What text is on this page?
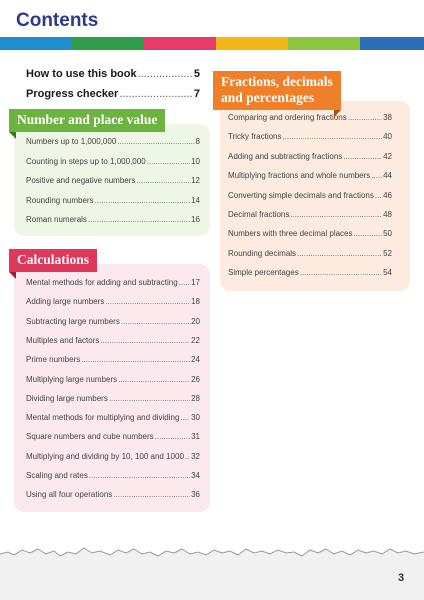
Contents
How to use this book .....	5
Progress checker .....	7
Number and place value
Calculations
Fractions, decimals
and percentages
Numbers up to 1,000,000 .....	8
Counting in steps up to 1,000,000 .....	10
Positive and negative numbers .....	12
Rounding numbers .....	14
Roman numerals .....	16
Mental methods for adding and subtracting ..... 17
Adding large numbers .....	18
Subtracting large numbers .....	20
Multiples and factors .....	22
Prime numbers .....	24
Multiplying large numbers .....	26
Dividing large numbers .....	28
Mental methods for multiplying and dividing ..... 30
Square numbers and cube numbers .....	31
Multiplying and dividing by 10, 100 and 1000 ..... 32
Scaling and rates .....	34
Using all four operations .....	36
Comparing and ordering fractions .....	38
Tricky fractions .....	40
Adding and subtracting fractions .....	42
Multiplying fractions and whole numbers ..... 44
Converting simple decimals and fractions ..... 46
Decimal fractions .....	48
Numbers with three decimal places .....	50
Rounding decimals .....	52
Simple percentages .....	54
3
